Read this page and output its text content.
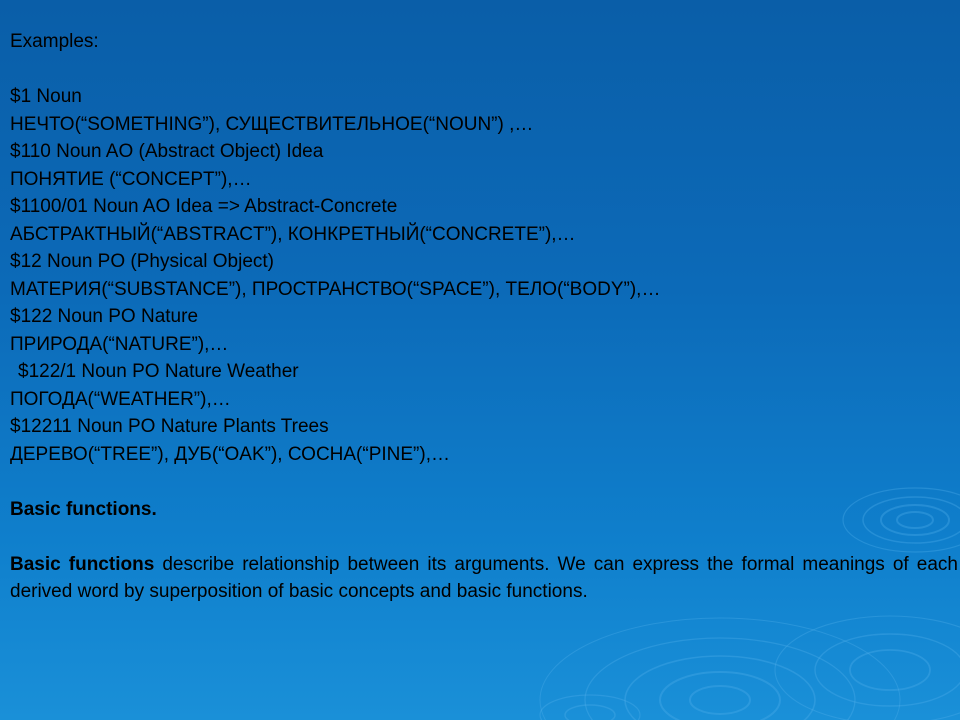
Examples:
$1 Noun
НЕЧТО(“SOMETHING”), СУЩЕСТВИТЕЛЬНОЕ(“NOUN”) ,…
$110 Noun AO (Abstract Object) Idea
ПОНЯТИЕ (“CONCEPT”),…
$1100/01 Noun AO Idea => Abstract-Concrete
АБСТРАКТНЫЙ(“ABSTRACT”), КОНКРЕТНЫЙ(“CONCRETE”),…
$12 Noun PO (Physical Object)
МАТЕРИЯ(“SUBSTANCE”), ПРОСТРАНСТВО(“SPACE”), ТЕЛО(“BODY”),…
$122 Noun PO Nature
ПРИРОДА(“NATURE”),…
$122/1 Noun PO Nature Weather
ПОГОДА(“WEATHER”),…
$12211 Noun PO Nature Plants Trees
ДЕРЕВО(“TREE”), ДУБ(“OAK”), СОСНА(“PINE”),…
Basic functions.
Basic functions describe relationship between its arguments. We can express the formal meanings of each derived word by superposition of basic concepts and basic functions.
